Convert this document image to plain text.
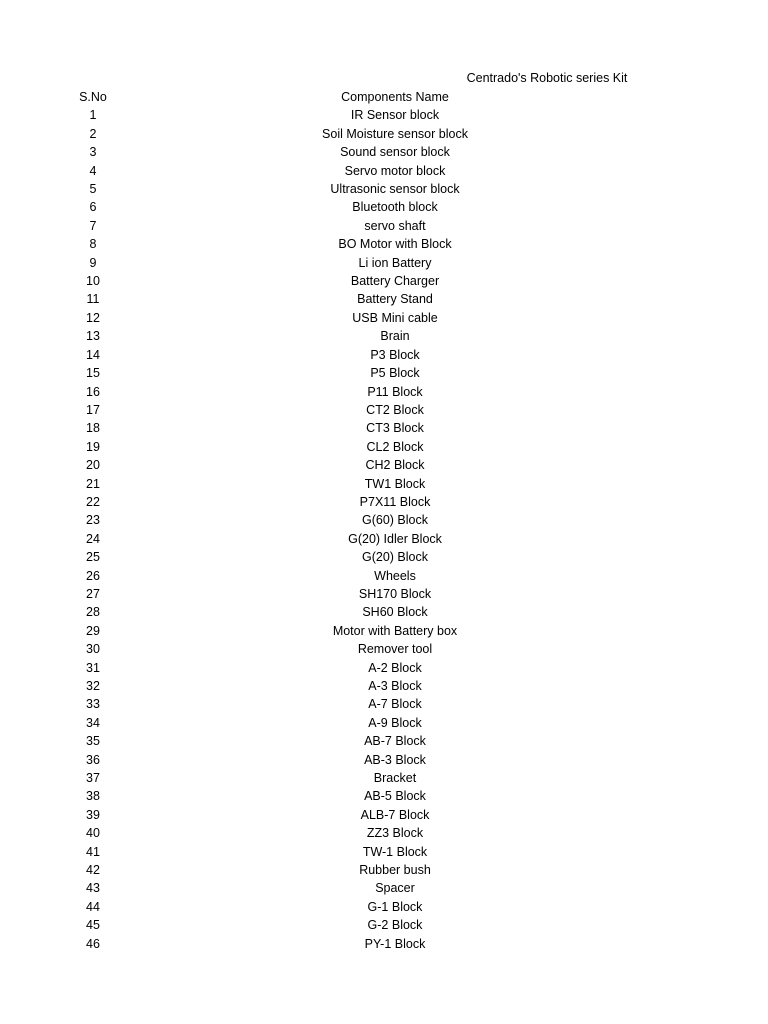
Centrado's Robotic series Kit
S.No	Components Name
1	IR Sensor block
2	Soil Moisture sensor block
3	Sound sensor block
4	Servo motor block
5	Ultrasonic sensor block
6	Bluetooth block
7	servo shaft
8	BO Motor with Block
9	Li ion Battery
10	Battery Charger
11	Battery Stand
12	USB Mini cable
13	Brain
14	P3 Block
15	P5 Block
16	P11 Block
17	CT2 Block
18	CT3 Block
19	CL2 Block
20	CH2 Block
21	TW1 Block
22	P7X11 Block
23	G(60) Block
24	G(20) Idler Block
25	G(20) Block
26	Wheels
27	SH170 Block
28	SH60 Block
29	Motor with Battery box
30	Remover tool
31	A-2 Block
32	A-3 Block
33	A-7 Block
34	A-9 Block
35	AB-7 Block
36	AB-3 Block
37	Bracket
38	AB-5 Block
39	ALB-7 Block
40	ZZ3 Block
41	TW-1 Block
42	Rubber bush
43	Spacer
44	G-1 Block
45	G-2 Block
46	PY-1 Block
